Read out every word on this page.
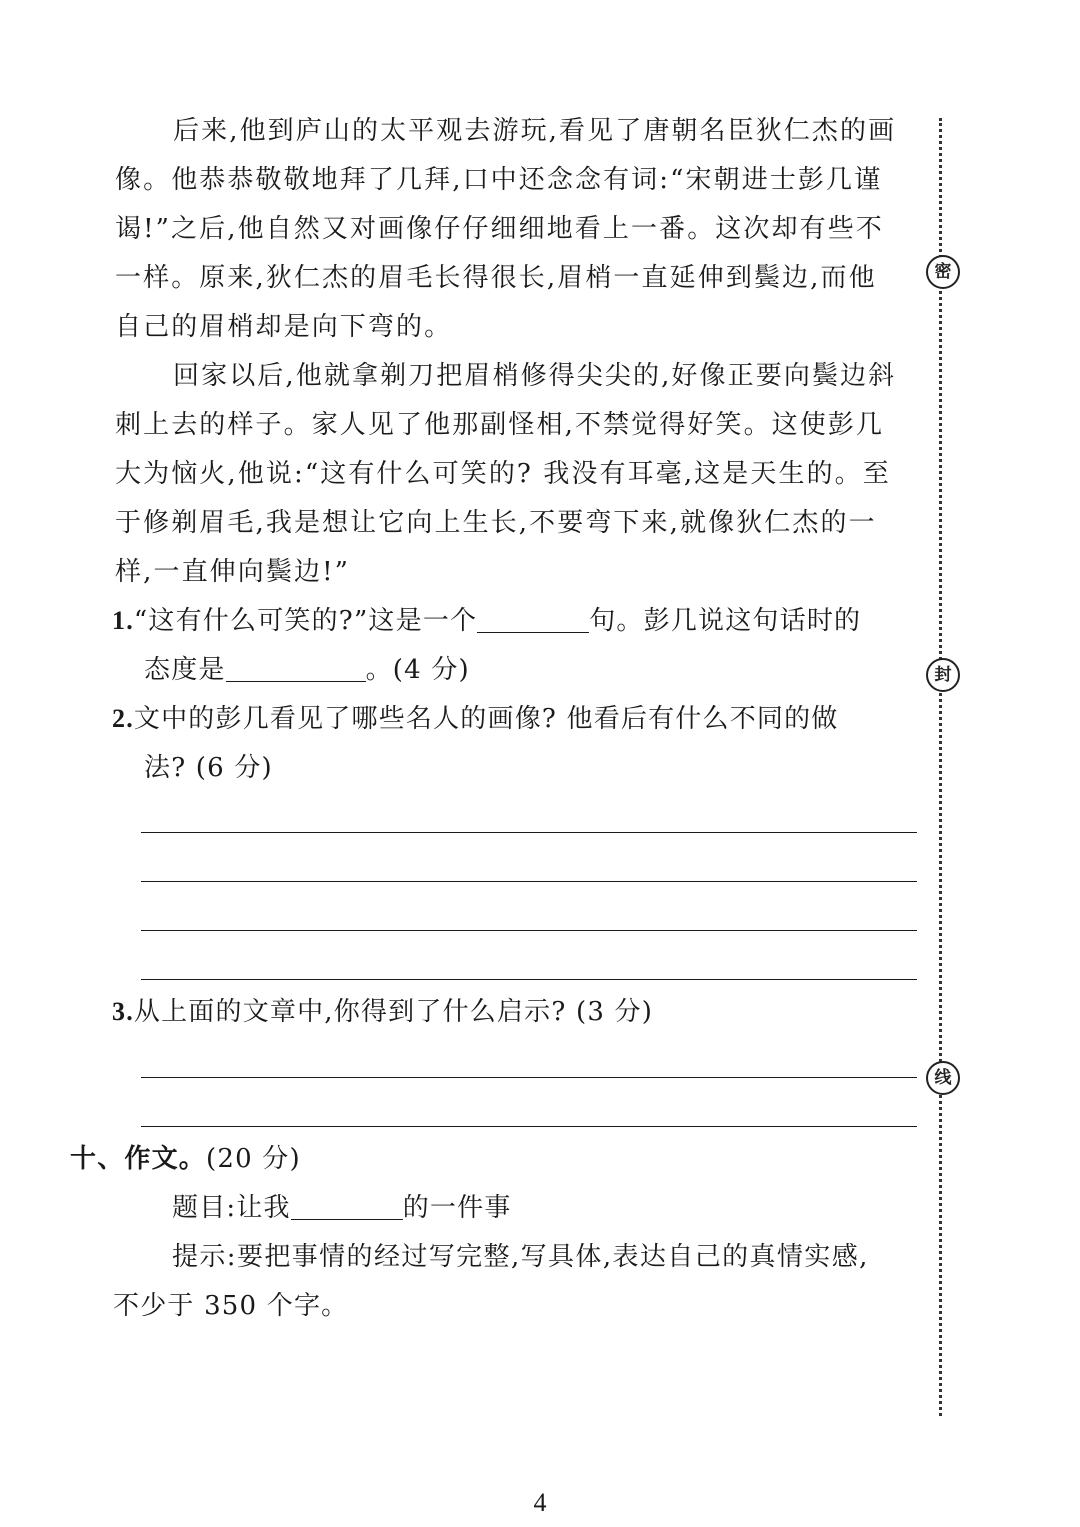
后来,他到庐山的太平观去游玩,看见了唐朝名臣狄仁杰的画
像。他恭恭敬敬地拜了几拜,口中还念念有词:“宋朝进士彭几谨
谒!”之后,他自然又对画像仔仔细细地看上一番。这次却有些不
一样。原来,狄仁杰的眉毛长得很长,眉梢一直延伸到鬓边,而他
自己的眉梢却是向下弯的。
回家以后,他就拿剃刀把眉梢修得尖尖的,好像正要向鬓边斜
刺上去的样子。家人见了他那副怪相,不禁觉得好笑。这使彭几
大为恼火,他说:“这有什么可笑的? 我没有耳毫,这是天生的。至
于修剃眉毛,我是想让它向上生长,不要弯下来,就像狄仁杰的一
样,一直伸向鬓边!”
1.“这有什么可笑的?”这是一个	句。彭几说这句话时的
态度是	。(4 分)
2.文中的彭几看见了哪些名人的画像? 他看后有什么不同的做
法? (6 分)
3.从上面的文章中,你得到了什么启示? (3 分)
十、作文。(20 分)
题目:让我	的一件事
提示:要把事情的经过写完整,写具体,表达自己的真情实感,
不少于 350 个字。
密
封
线
4
